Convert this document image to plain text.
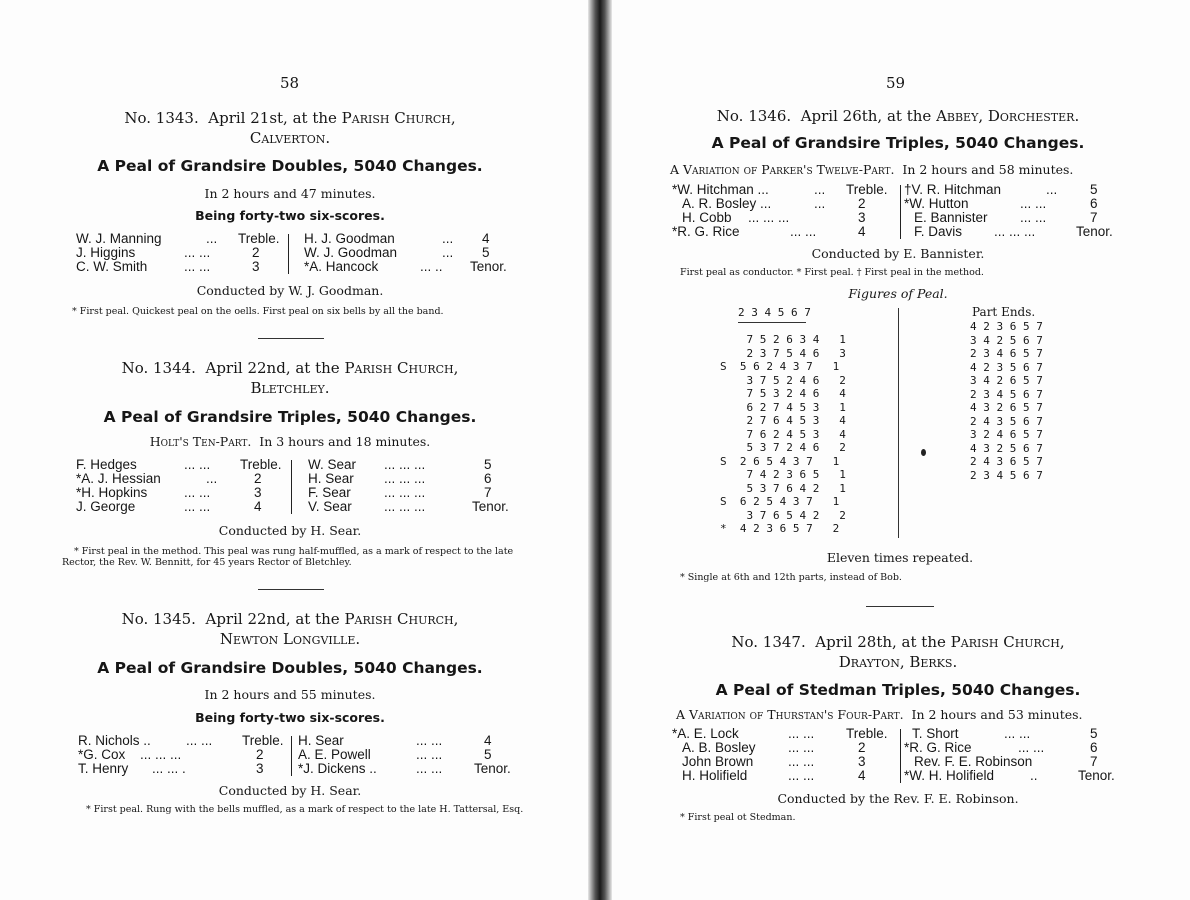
58
No. 1343. April 21st, at the Parish Church,
Calverton.
A Peal of Grandsire Doubles, 5040 Changes.
In 2 hours and 47 minutes.
Being forty-two six-scores.
W. J. Manning	... Treble.
J. Higgins	... ...	2
C. W. Smith	... ...	3
H. J. Goodman	... 4
W. J. Goodman	... 5
*A. Hancock	... .. Tenor.
Conducted by W. J. Goodman.
* First peal. Quickest peal on the oells. First peal on six bells by all the band.
No. 1344. April 22nd, at the Parish Church,
Bletchley.
A Peal of Grandsire Triples, 5040 Changes.
Holt's Ten-Part. In 3 hours and 18 minutes.
F. Hedges	... ... Treble.
*A. J. Hessian	...	2
*H. Hopkins	... ...	3
J. George	... ...	4
W. Sear ... ... ...	5
H. Sear ... ... ...	6
F. Sear ... ... ...	7
V. Sear ... ... ...	Tenor.
Conducted by H. Sear.
* First peal in the method. This peal was rung half-muffled, as a mark of respect to the late Rector, the Rev. W. Bennitt, for 45 years Rector of Bletchley.
No. 1345. April 22nd, at the Parish Church,
Newton Longville.
A Peal of Grandsire Doubles, 5040 Changes.
In 2 hours and 55 minutes.
Being forty-two six-scores.
R. Nichols ..	... ... Treble.
*G. Cox ... ... ...	2
T. Henry ... ... .	3
H. Sear	... ...	4
A. E. Powell	... ...	5
*J. Dickens ..	... ... Tenor.
Conducted by H. Sear.
* First peal. Rung with the bells muffled, as a mark of respect to the late H. Tattersal, Esq.
59
No. 1346. April 26th, at the Abbey, Dorchester.
A Peal of Grandsire Triples, 5040 Changes.
A Variation of Parker's Twelve-Part. In 2 hours and 58 minutes.
*W. Hitchman ...	... Treble.
A. R. Bosley ...	... 2
H. Cobb ... ... ...	3
*R. G. Rice	... ...	4
†V. R. Hitchman	... 5
*W. Hutton	... ...	6
E. Bannister ... ...	7
F. Davis ... ... ...	Tenor.
Conducted by E. Bannister.
First peal as conductor. * First peal. † First peal in the method.
Figures of Peal.
2 3 4 5 6 7
7 5 2 6 3 4   1
2 3 7 5 4 6   3
S  5 6 2 4 3 7   1
3 7 5 2 4 6   2
7 5 3 2 4 6   4
6 2 7 4 5 3   1
2 7 6 4 5 3   4
7 6 2 4 5 3   4
5 3 7 2 4 6   2
S  2 6 5 4 3 7   1
7 4 2 3 6 5   1
5 3 7 6 4 2   1
S  6 2 5 4 3 7   1
3 7 6 5 4 2   2
*  4 2 3 6 5 7   2
Part Ends.
4 2 3 6 5 7
3 4 2 5 6 7
2 3 4 6 5 7
4 2 3 5 6 7
3 4 2 6 5 7
2 3 4 5 6 7
4 3 2 6 5 7
2 4 3 5 6 7
3 2 4 6 5 7
4 3 2 5 6 7
2 4 3 6 5 7
2 3 4 5 6 7
Eleven times repeated.
* Single at 6th and 12th parts, instead of Bob.
No. 1347. April 28th, at the Parish Church,
Drayton, Berks.
A Peal of Stedman Triples, 5040 Changes.
A Variation of Thurstan's Four-Part. In 2 hours and 53 minutes.
*A. E. Lock	... ... Treble.
A. B. Bosley ... ...	2
John Brown	... ...	3
H. Holifield	... ...	4
T. Short	... ...	5
*R. G. Rice	... ...	6
Rev. F. E. Robinson	7
*W. H. Holifield	..	Tenor.
Conducted by the Rev. F. E. Robinson.
* First peal ot Stedman.
